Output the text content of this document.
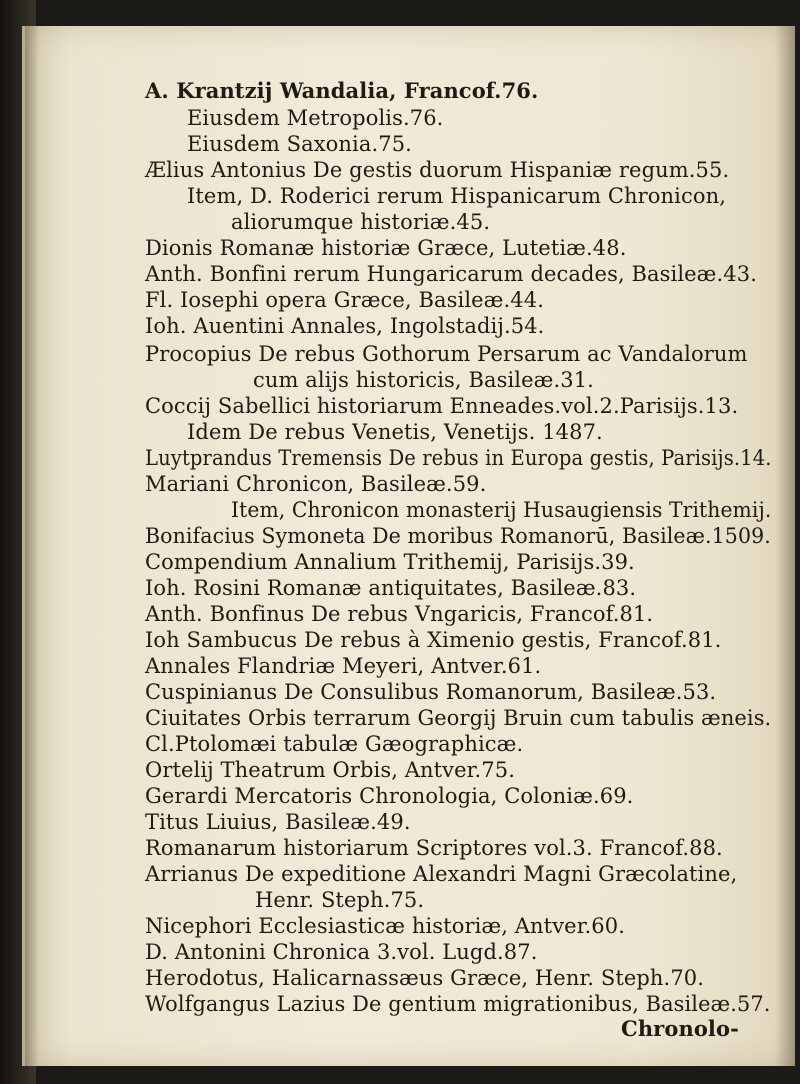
A. Krantzij Wandalia, Francof.76.
Eiusdem Metropolis.76.
Eiusdem Saxonia.75.
Ælius Antonius De gestis duorum Hispaniæ regum.55.
Item, D. Roderici rerum Hispanicarum Chronicon,
aliorumque historiæ.45.
Dionis Romanæ historiæ Græce, Lutetiæ.48.
Anth. Bonfini rerum Hungaricarum decades, Basileæ.43.
Fl. Iosephi opera Græce, Basileæ.44.
Ioh. Auentini Annales, Ingolstadij.54.
Procopius De rebus Gothorum Persarum ac Vandalorum
cum alijs historicis, Basileæ.31.
Coccij Sabellici historiarum Enneades.vol.2.Parisijs.13.
Idem De rebus Venetis, Venetijs. 1487.
Luytprandus Tremensis De rebus in Europa gestis, Parisijs.14.
Mariani Chronicon, Basileæ.59.
Item, Chronicon monasterij Husaugiensis Trithemij.
Bonifacius Symoneta De moribus Romanorū, Basileæ.1509.
Compendium Annalium Trithemij, Parisijs.39.
Ioh. Rosini Romanæ antiquitates, Basileæ.83.
Anth. Bonfinus De rebus Vngaricis, Francof.81.
Ioh Sambucus De rebus à Ximenio gestis, Francof.81.
Annales Flandriæ Meyeri, Antver.61.
Cuspinianus De Consulibus Romanorum, Basileæ.53.
Ciuitates Orbis terrarum Georgij Bruin cum tabulis æneis.
Cl.Ptolomæi tabulæ Gæographicæ.
Ortelij Theatrum Orbis, Antver.75.
Gerardi Mercatoris Chronologia, Coloniæ.69.
Titus Liuius, Basileæ.49.
Romanarum historiarum Scriptores vol.3. Francof.88.
Arrianus De expeditione Alexandri Magni Græcolatine,
Henr. Steph.75.
Nicephori Ecclesiasticæ historiæ, Antver.60.
D. Antonini Chronica 3.vol. Lugd.87.
Herodotus, Halicarnassæus Græce, Henr. Steph.70.
Wolfgangus Lazius De gentium migrationibus, Basileæ.57.
Chronolo-
